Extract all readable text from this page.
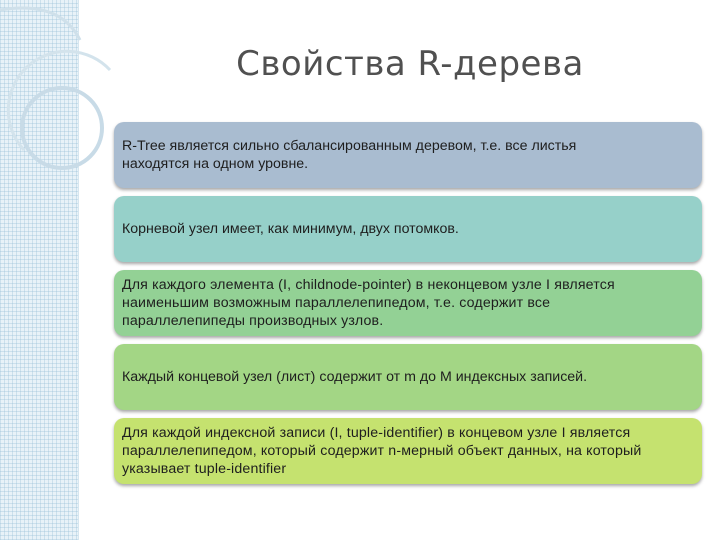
Свойства R-дерева
R-Tree является сильно сбалансированным деревом, т.е. все листья
находятся на одном уровне.
Корневой узел имеет, как минимум, двух потомков.
Для каждого элемента (I, childnode-pointer) в неконцевом узле I является
наименьшим возможным параллелепипедом, т.е. содержит все
параллелепипеды производных узлов.
Каждый концевой узел (лист) содержит от m до M индексных записей.
Для каждой индексной записи (I, tuple-identifier) в концевом узле I является
параллелепипедом, который содержит n-мерный объект данных, на который
указывает tuple-identifier
